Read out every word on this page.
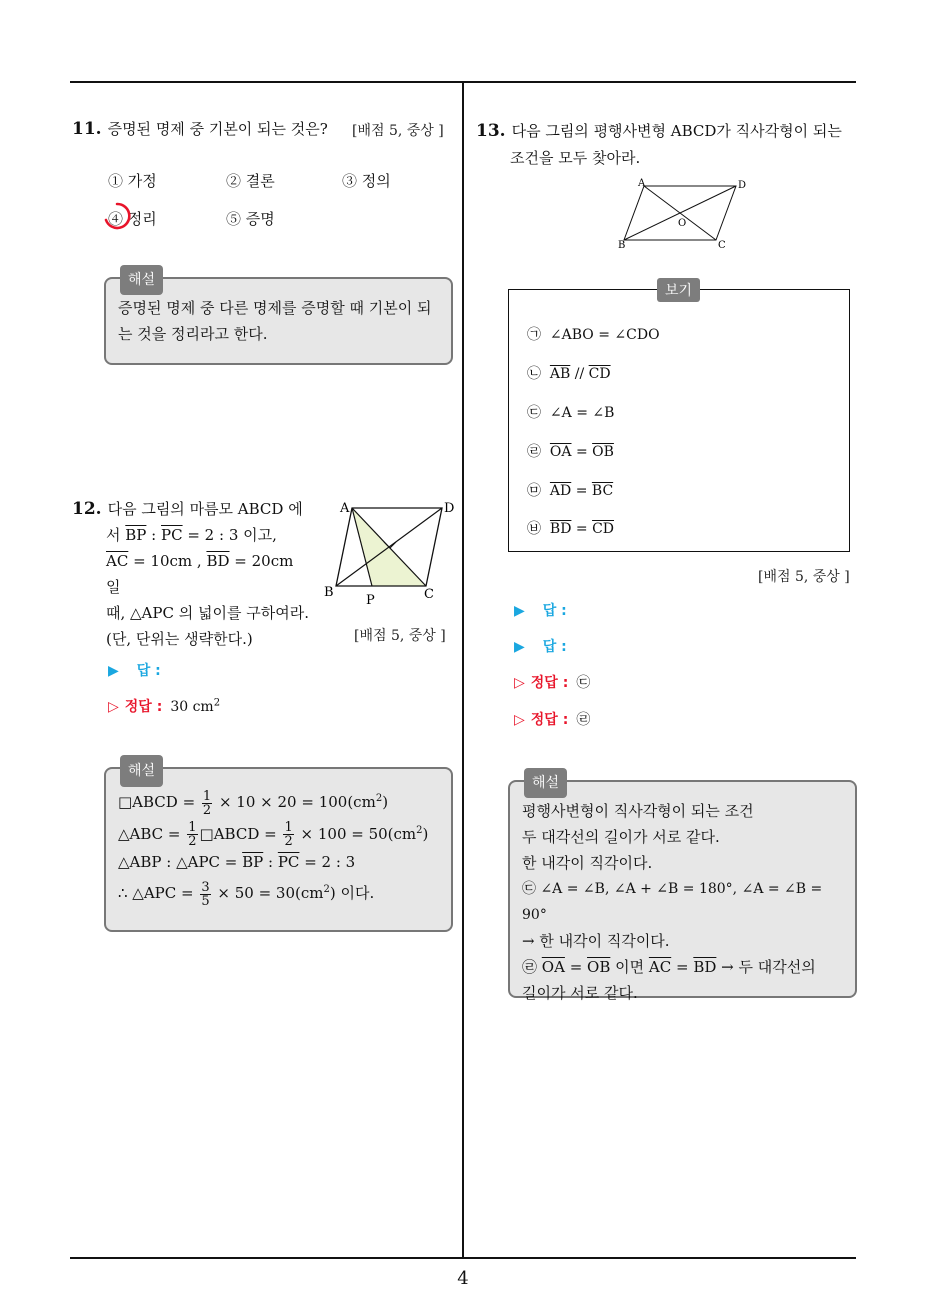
11. 증명된 명제 중 기본이 되는 것은? [배점 5, 중상 ]
① 가정	② 결론	③ 정의
④ 정리	⑤ 증명
해설
증명된 명제 중 다른 명제를 증명할 때 기본이 되
는 것을 정리라고 한다.
12. 다음 그림의 마름모 ABCD 에
서 $\overline{BP}$ : $\overline{PC} = 2$ : 3 이고,
$\overline{AC} = 10cm$ , $\overline{BD} = 20cm$ 일
때, △APC 의 넓이를 구하여라.
(단, 단위는 생략한다.)
A	D
B	C
P
[배점 5, 중상 ]
▶ 답 :
▷ 정답 : 30 $cm^2$
해설
□ABCD = $\frac{1}{2} \times 10 \times 20 = 100(cm^2)$
△ABC = $\frac{1}{2}$ □ABCD = $\frac{1}{2} \times 100 = 50(cm^2)$
△ABP : △APC = $\overline{BP}$ : $\overline{PC} = 2$ : 3
∴ △APC = $\frac{3}{5} \times 50 = 30(cm^2)$ 이다.
13. 다음 그림의 평행사변형 ABCD가 직사각형이 되는
조건을 모두 찾아라.
A	D
B	C
O
보기
㉠ ∠ABO = ∠CDO
㉡ $\overline{AB} // \overline{CD}$
㉢ ∠A = ∠B
㉣ $\overline{OA} = \overline{OB}$
㉤ $\overline{AD} = \overline{BC}$
㉥ $\overline{BD} = \overline{CD}$
[배점 5, 중상 ]
▶ 답 :
▶ 답 :
▷ 정답 : ㉢
▷ 정답 : ㉣
해설
평행사변형이 직사각형이 되는 조건
두 대각선의 길이가 서로 같다.
한 내각이 직각이다.
㉢ ∠A = ∠B, ∠A + ∠B = 180°, ∠A = ∠B = 90°
→ 한 내각이 직각이다.
㉣ $\overline{OA} = \overline{OB}$ 이면 $\overline{AC} = \overline{BD}$ → 두 대각선의
길이가 서로 같다.
4
